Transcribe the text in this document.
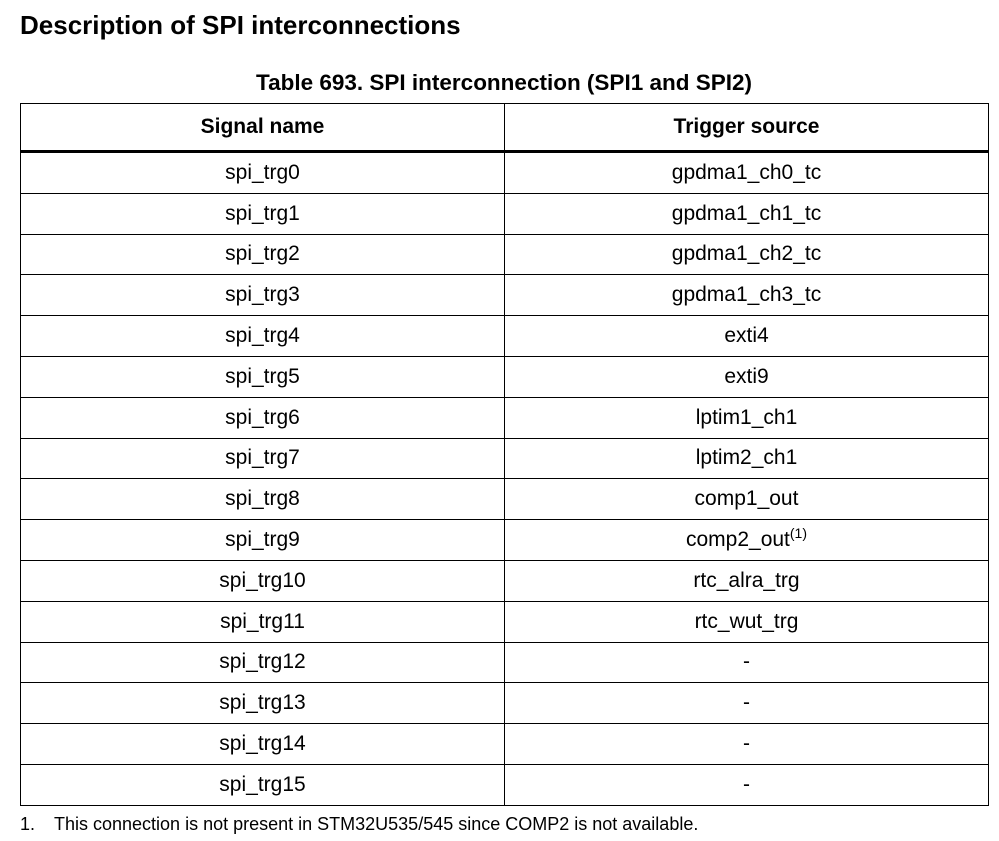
Description of SPI interconnections
Table 693. SPI interconnection (SPI1 and SPI2)
Signal name	Trigger source
spi_trg0	gpdma1_ch0_tc
spi_trg1	gpdma1_ch1_tc
spi_trg2	gpdma1_ch2_tc
spi_trg3	gpdma1_ch3_tc
spi_trg4	exti4
spi_trg5	exti9
spi_trg6	lptim1_ch1
spi_trg7	lptim2_ch1
spi_trg8	comp1_out
spi_trg9	comp2_out$^{(1)}$
spi_trg10	rtc_alra_trg
spi_trg11	rtc_wut_trg
spi_trg12	-
spi_trg13	-
spi_trg14	-
spi_trg15	-
1. This connection is not present in STM32U535/545 since COMP2 is not available.
